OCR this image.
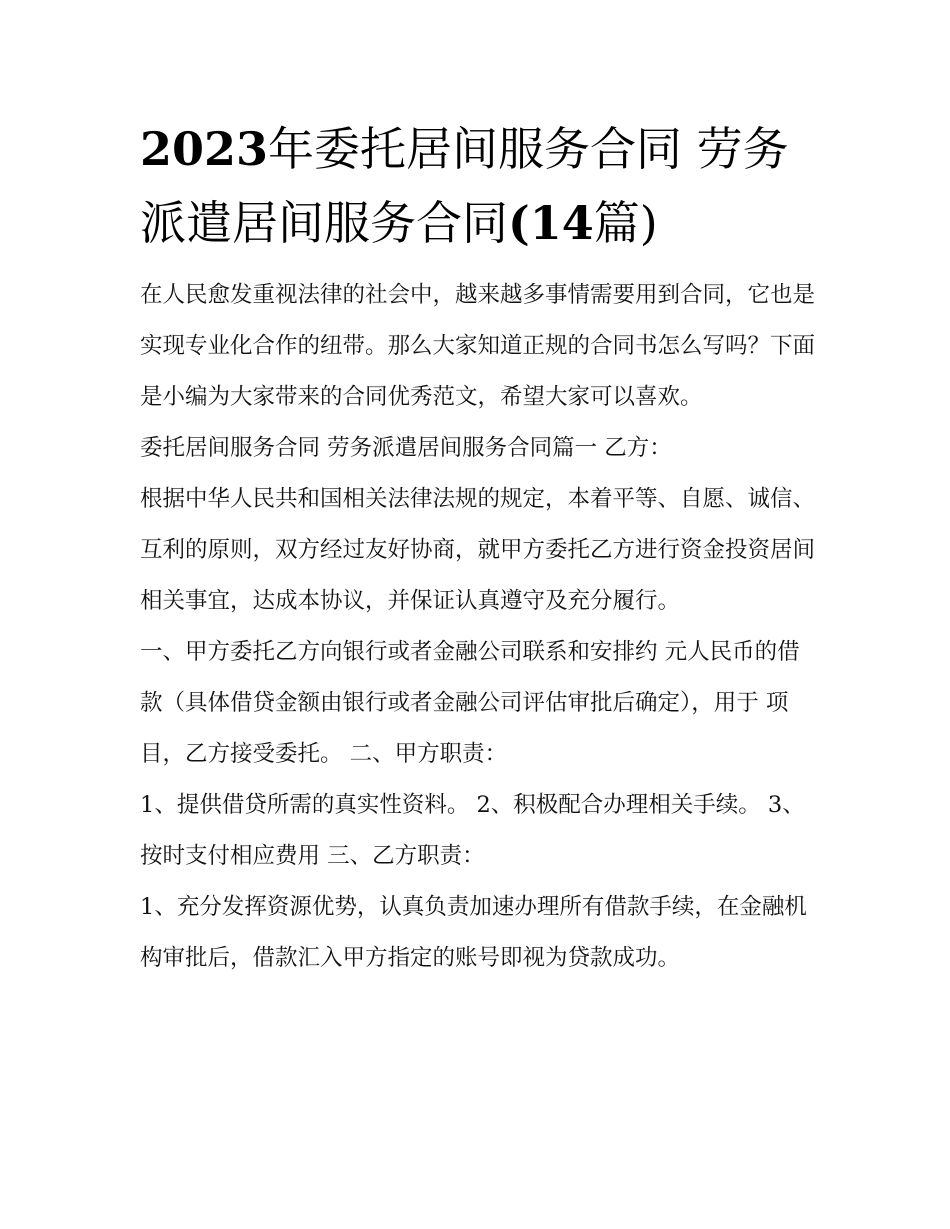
2023年委托居间服务合同 劳务派遣居间服务合同(14篇)

在人民愈发重视法律的社会中，越来越多事情需要用到合同，它也是实现专业化合作的纽带。那么大家知道正规的合同书怎么写吗？下面是小编为大家带来的合同优秀范文，希望大家可以喜欢。

委托居间服务合同 劳务派遣居间服务合同篇一 乙方：

根据中华人民共和国相关法律法规的规定，本着平等、自愿、诚信、互利的原则，双方经过友好协商，就甲方委托乙方进行资金投资居间相关事宜，达成本协议，并保证认真遵守及充分履行。

一、甲方委托乙方向银行或者金融公司联系和安排约 元人民币的借款（具体借贷金额由银行或者金融公司评估审批后确定），用于 项目，乙方接受委托。 二、甲方职责：

1、提供借贷所需的真实性资料。 2、积极配合办理相关手续。 3、按时支付相应费用 三、乙方职责：

1、充分发挥资源优势，认真负责加速办理所有借款手续，在金融机构审批后，借款汇入甲方指定的账号即视为贷款成功。
